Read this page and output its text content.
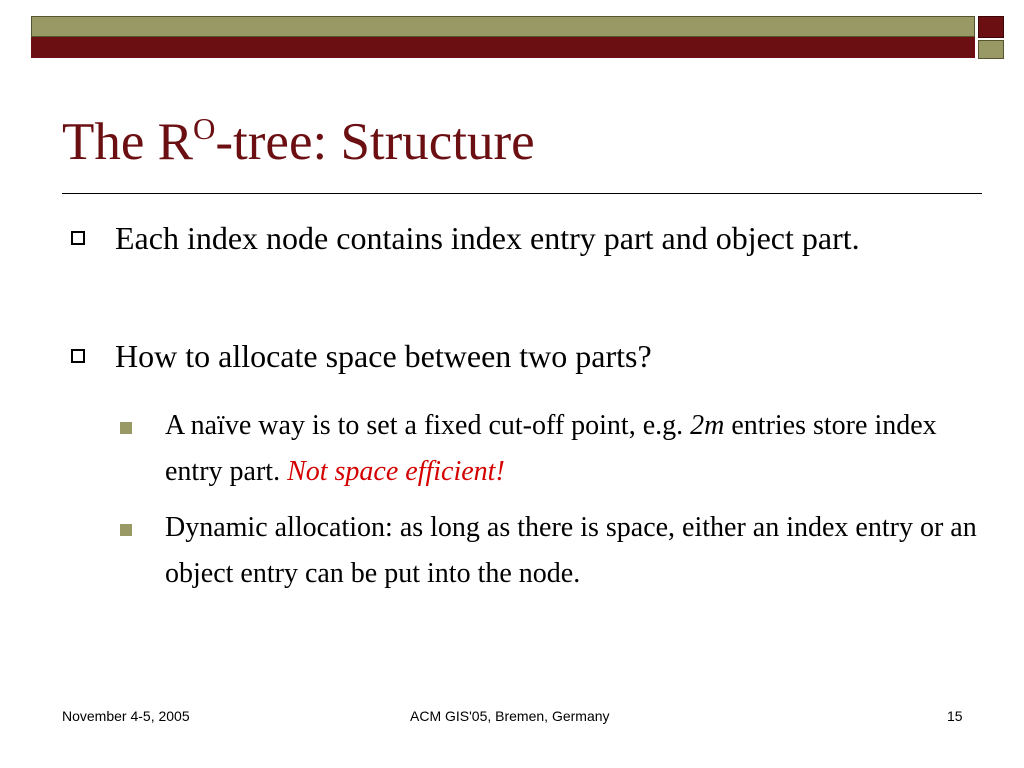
The $R^O$-tree: Structure
Each index node contains index entry part and object part.
How to allocate space between two parts?
A naïve way is to set a fixed cut-off point, e.g. 2m entries store index entry part. Not space efficient!
Dynamic allocation: as long as there is space, either an index entry or an object entry can be put into the node.
November 4-5, 2005	ACM GIS'05, Bremen, Germany	15
